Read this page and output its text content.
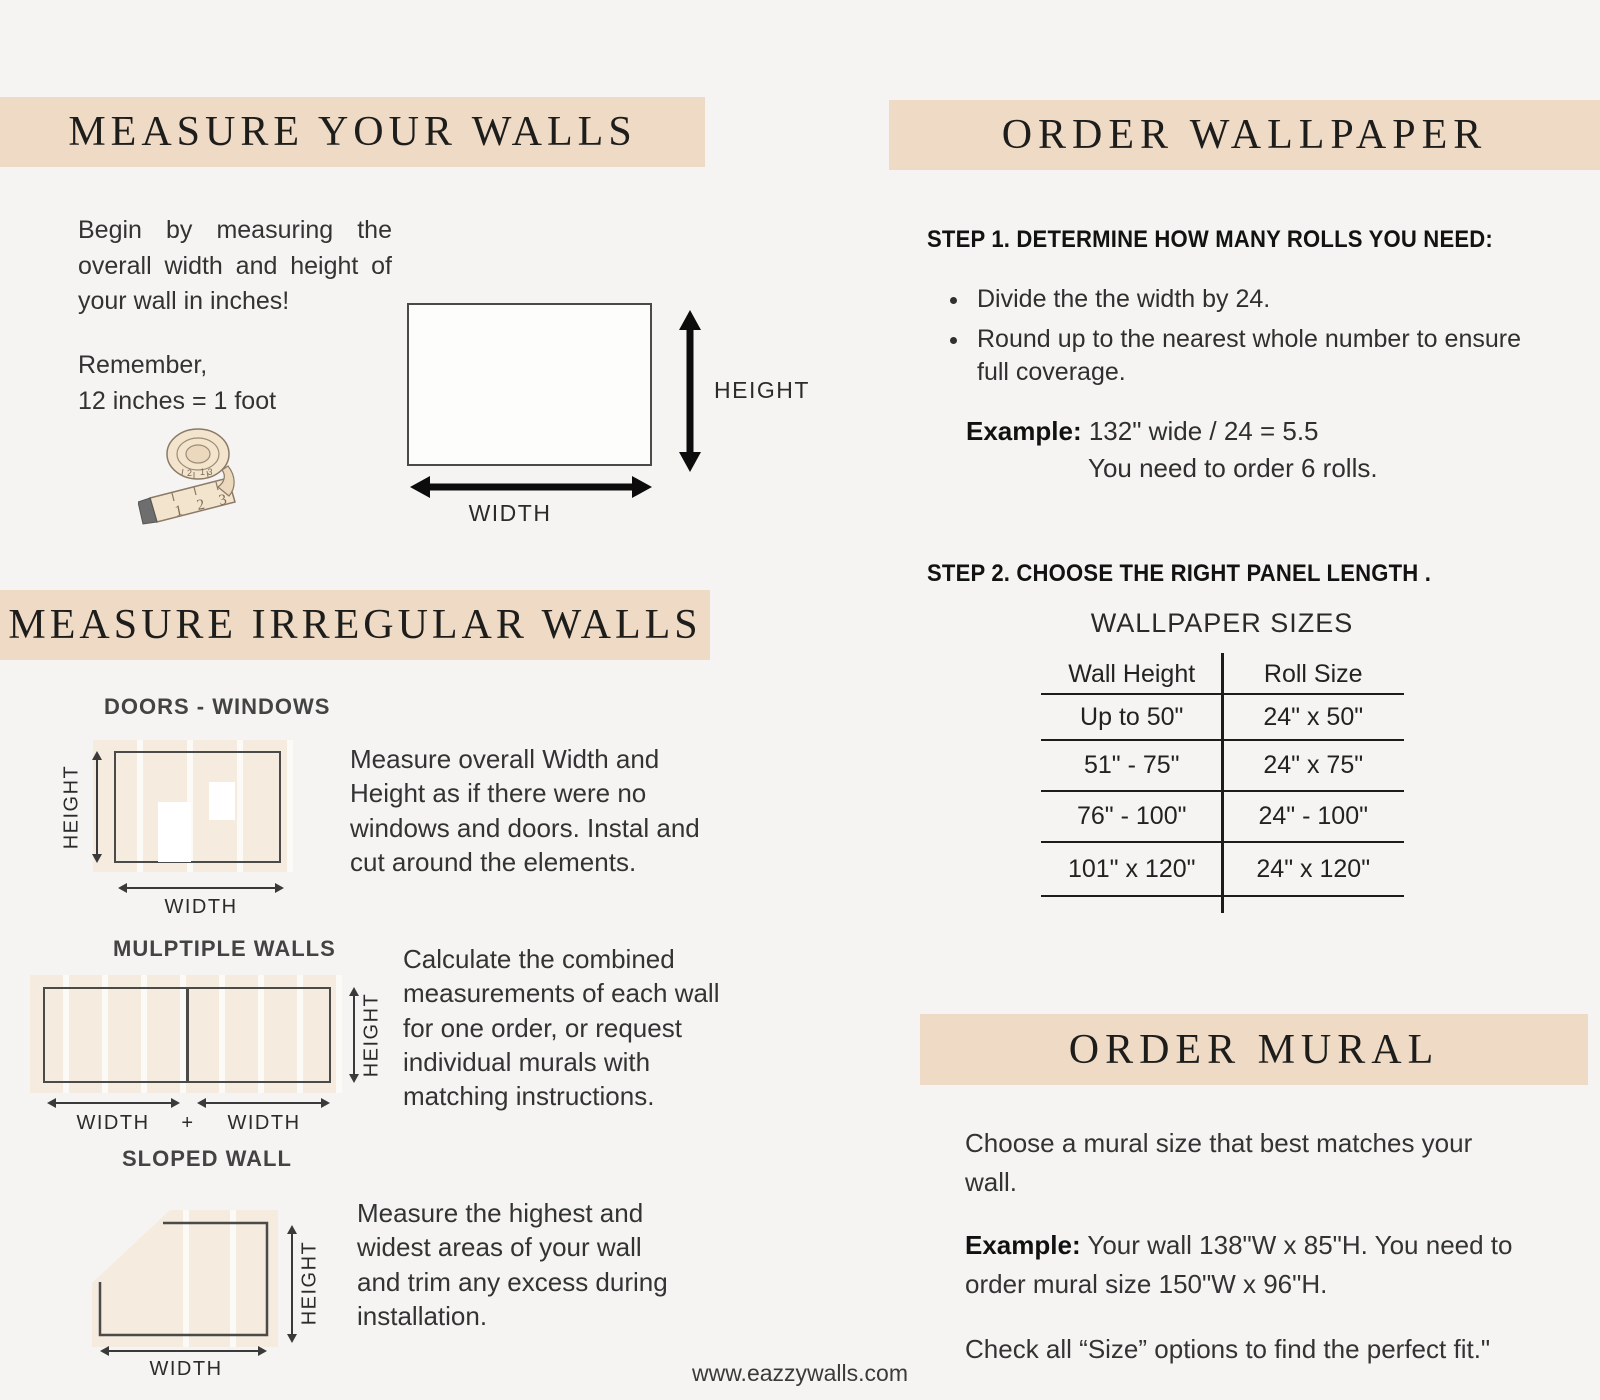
MEASURE YOUR WALLS
Begin by measuring the overall width and height of your wall in inches!
Remember,
12 inches = 1 foot
1 2 3
2 1 3
HEIGHT
WIDTH
MEASURE IRREGULAR WALLS
DOORS - WINDOWS
HEIGHT
WIDTH
Measure overall Width and Height as if there were no windows and doors. Instal and cut around the elements.
MULPTIPLE WALLS
HEIGHT
WIDTH + WIDTH
Calculate the combined measurements of each wall for one order, or request individual murals with matching instructions.
SLOPED WALL
HEIGHT
WIDTH
Measure the highest and widest areas of your wall and trim any excess during installation.
ORDER WALLPAPER
STEP 1. DETERMINE HOW MANY ROLLS YOU NEED:
• Divide the the width by 24.
• Round up to the nearest whole number to ensure full coverage.
Example: 132" wide / 24 = 5.5
You need to order 6 rolls.
STEP 2. CHOOSE THE RIGHT PANEL LENGTH .
WALLPAPER SIZES
Wall Height	Roll Size
Up to 50"	24" x 50"
51" - 75"	24" x 75"
76" - 100"	24" - 100"
101" x 120"	24" x 120"
ORDER MURAL
Choose a mural size that best matches your wall.
Example: Your wall 138"W x 85"H. You need to order mural size 150"W x 96"H.
Check all “Size” options to find the perfect fit."
www.eazzywalls.com
